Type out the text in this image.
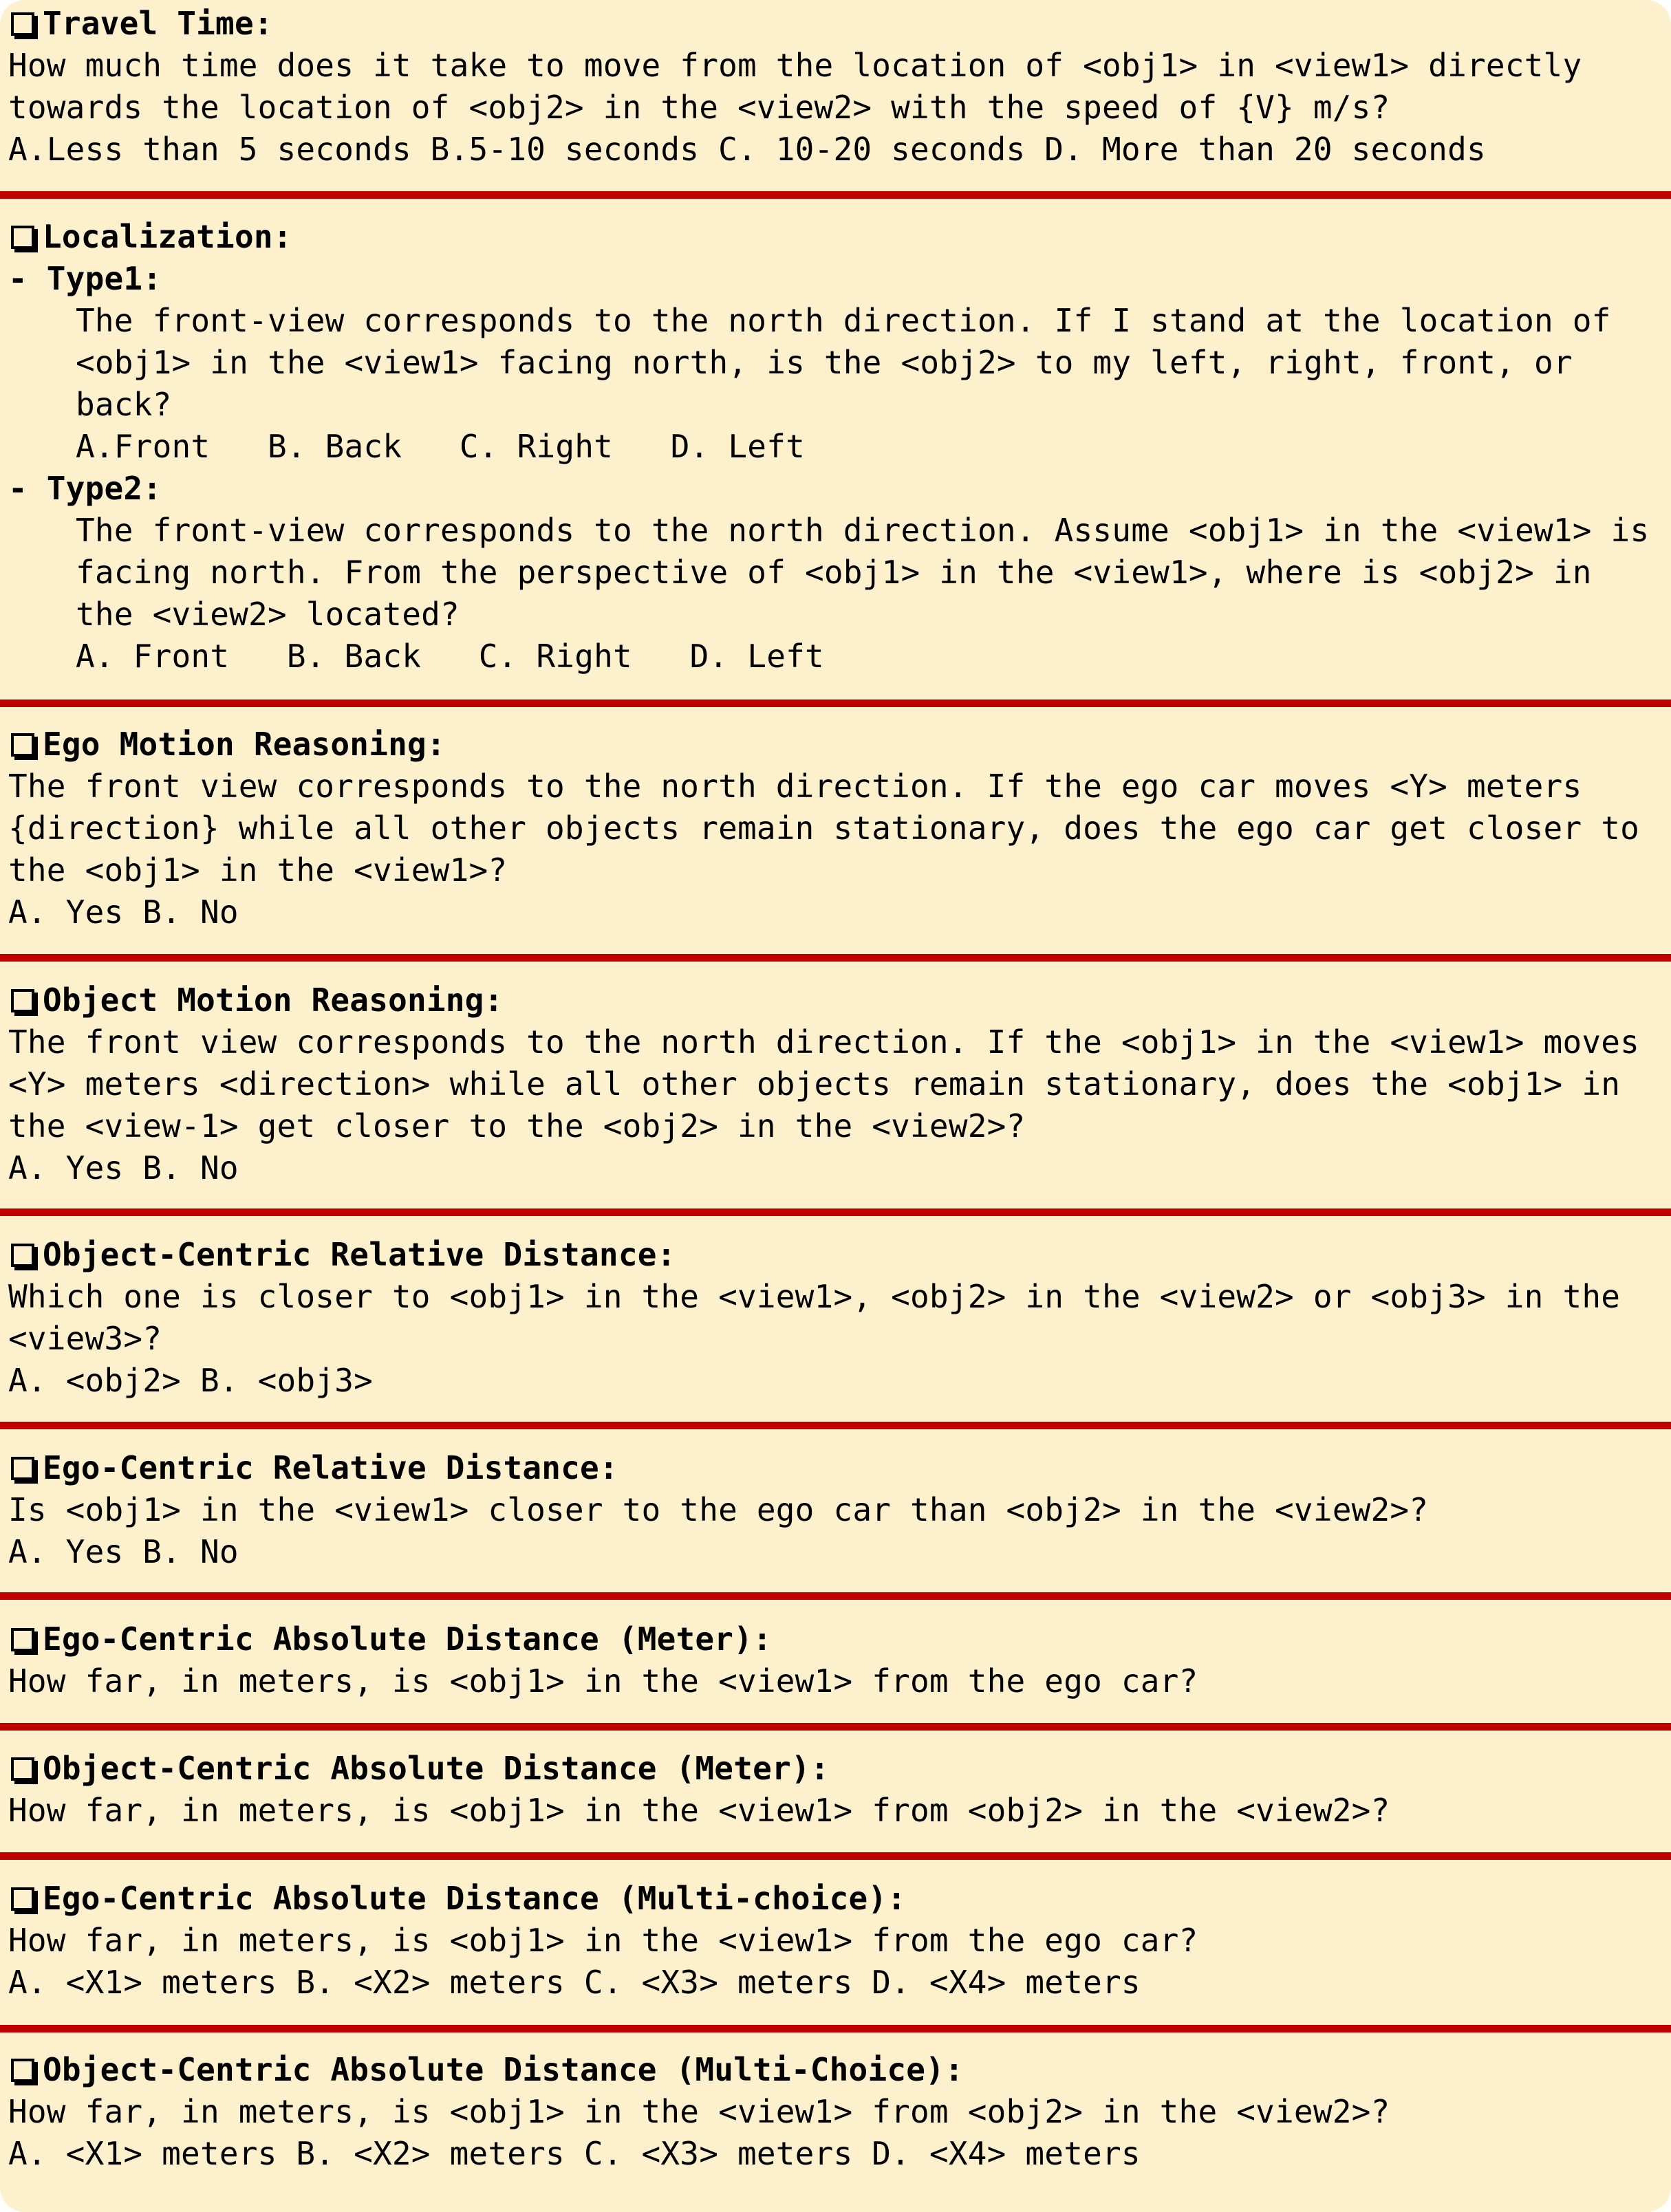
Travel Time:
How much time does it take to move from the location of <obj1> in <view1> directly
towards the location of <obj2> in the <view2> with the speed of {V} m/s?
A.Less than 5 seconds B.5-10 seconds C. 10-20 seconds D. More than 20 seconds
Localization:
- Type1:
The front-view corresponds to the north direction. If I stand at the location of
<obj1> in the <view1> facing north, is the <obj2> to my left, right, front, or
back?
A.Front   B. Back   C. Right   D. Left
- Type2:
The front-view corresponds to the north direction. Assume <obj1> in the <view1> is
facing north. From the perspective of <obj1> in the <view1>, where is <obj2> in
the <view2> located?
A. Front   B. Back   C. Right   D. Left
Ego Motion Reasoning:
The front view corresponds to the north direction. If the ego car moves <Y> meters
{direction} while all other objects remain stationary, does the ego car get closer to
the <obj1> in the <view1>?
A. Yes B. No
Object Motion Reasoning:
The front view corresponds to the north direction. If the <obj1> in the <view1> moves
<Y> meters <direction> while all other objects remain stationary, does the <obj1> in
the <view-1> get closer to the <obj2> in the <view2>?
A. Yes B. No
Object-Centric Relative Distance:
Which one is closer to <obj1> in the <view1>, <obj2> in the <view2> or <obj3> in the
<view3>?
A. <obj2> B. <obj3>
Ego-Centric Relative Distance:
Is <obj1> in the <view1> closer to the ego car than <obj2> in the <view2>?
A. Yes B. No
Ego-Centric Absolute Distance (Meter):
How far, in meters, is <obj1> in the <view1> from the ego car?
Object-Centric Absolute Distance (Meter):
How far, in meters, is <obj1> in the <view1> from <obj2> in the <view2>?
Ego-Centric Absolute Distance (Multi-choice):
How far, in meters, is <obj1> in the <view1> from the ego car?
A. <X1> meters B. <X2> meters C. <X3> meters D. <X4> meters
Object-Centric Absolute Distance (Multi-Choice):
How far, in meters, is <obj1> in the <view1> from <obj2> in the <view2>?
A. <X1> meters B. <X2> meters C. <X3> meters D. <X4> meters
